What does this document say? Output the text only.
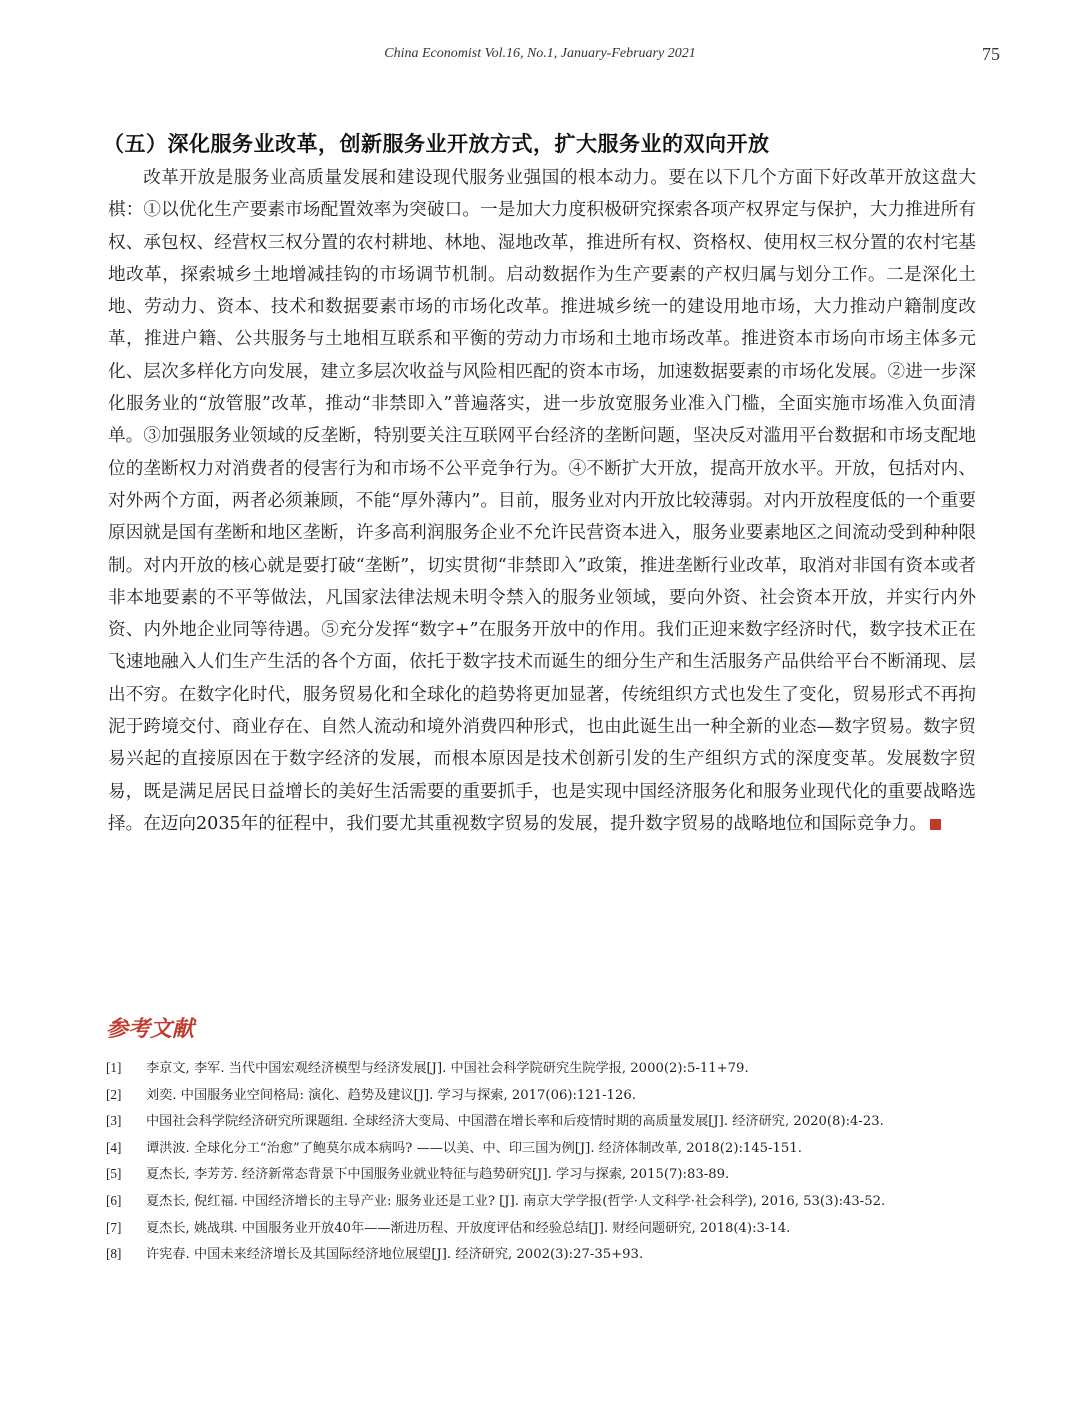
China Economist Vol.16, No.1, January-February 2021	75
（五）深化服务业改革，创新服务业开放方式，扩大服务业的双向开放

改革开放是服务业高质量发展和建设现代服务业强国的根本动力。要在以下几个方面下好改革开放这盘大棋：①以优化生产要素市场配置效率为突破口。一是加大力度积极研究探索各项产权界定与保护，大力推进所有权、承包权、经营权三权分置的农村耕地、林地、湿地改革，推进所有权、资格权、使用权三权分置的农村宅基地改革，探索城乡土地增减挂钩的市场调节机制。启动数据作为生产要素的产权归属与划分工作。二是深化土地、劳动力、资本、技术和数据要素市场的市场化改革。推进城乡统一的建设用地市场，大力推动户籍制度改革，推进户籍、公共服务与土地相互联系和平衡的劳动力市场和土地市场改革。推进资本市场向市场主体多元化、层次多样化方向发展，建立多层次收益与风险相匹配的资本市场，加速数据要素的市场化发展。②进一步深化服务业的“放管服”改革，推动“非禁即入”普遍落实，进一步放宽服务业准入门槛，全面实施市场准入负面清单。③加强服务业领域的反垄断，特别要关注互联网平台经济的垄断问题，坚决反对滥用平台数据和市场支配地位的垄断权力对消费者的侵害行为和市场不公平竞争行为。④不断扩大开放，提高开放水平。开放，包括对内、对外两个方面，两者必须兼顾，不能“厚外薄内”。目前，服务业对内开放比较薄弱。对内开放程度低的一个重要原因就是国有垄断和地区垄断，许多高利润服务企业不允许民营资本进入，服务业要素地区之间流动受到种种限制。对内开放的核心就是要打破“垄断”，切实贯彻“非禁即入”政策，推进垄断行业改革，取消对非国有资本或者非本地要素的不平等做法，凡国家法律法规未明令禁入的服务业领域，要向外资、社会资本开放，并实行内外资、内外地企业同等待遇。⑤充分发挥“数字+”在服务开放中的作用。我们正迎来数字经济时代，数字技术正在飞速地融入人们生产生活的各个方面，依托于数字技术而诞生的细分生产和生活服务产品供给平台不断涌现、层出不穷。在数字化时代，服务贸易化和全球化的趋势将更加显著，传统组织方式也发生了变化，贸易形式不再拘泥于跨境交付、商业存在、自然人流动和境外消费四种形式，也由此诞生出一种全新的业态—数字贸易。数字贸易兴起的直接原因在于数字经济的发展，而根本原因是技术创新引发的生产组织方式的深度变革。发展数字贸易，既是满足居民日益增长的美好生活需要的重要抓手，也是实现中国经济服务化和服务业现代化的重要战略选择。在迈向2035年的征程中，我们要尤其重视数字贸易的发展，提升数字贸易的战略地位和国际竞争力。

参考文献
[1]	李京文, 李军. 当代中国宏观经济模型与经济发展[J]. 中国社会科学院研究生院学报, 2000(2):5-11+79.
[2]	刘奕. 中国服务业空间格局: 演化、趋势及建议[J]. 学习与探索, 2017(06):121-126.
[3]	中国社会科学院经济研究所课题组. 全球经济大变局、中国潜在增长率和后疫情时期的高质量发展[J]. 经济研究, 2020(8):4-23.
[4]	谭洪波. 全球化分工“治愈”了鲍莫尔成本病吗? ——以美、中、印三国为例[J]. 经济体制改革, 2018(2):145-151.
[5]	夏杰长, 李芳芳. 经济新常态背景下中国服务业就业特征与趋势研究[J]. 学习与探索, 2015(7):83-89.
[6]	夏杰长, 倪红福. 中国经济增长的主导产业: 服务业还是工业? [J]. 南京大学学报(哲学·人文科学·社会科学), 2016, 53(3):43-52.
[7]	夏杰长, 姚战琪. 中国服务业开放40年——渐进历程、开放度评估和经验总结[J]. 财经问题研究, 2018(4):3-14.
[8]	许宪春. 中国未来经济增长及其国际经济地位展望[J]. 经济研究, 2002(3):27-35+93.
